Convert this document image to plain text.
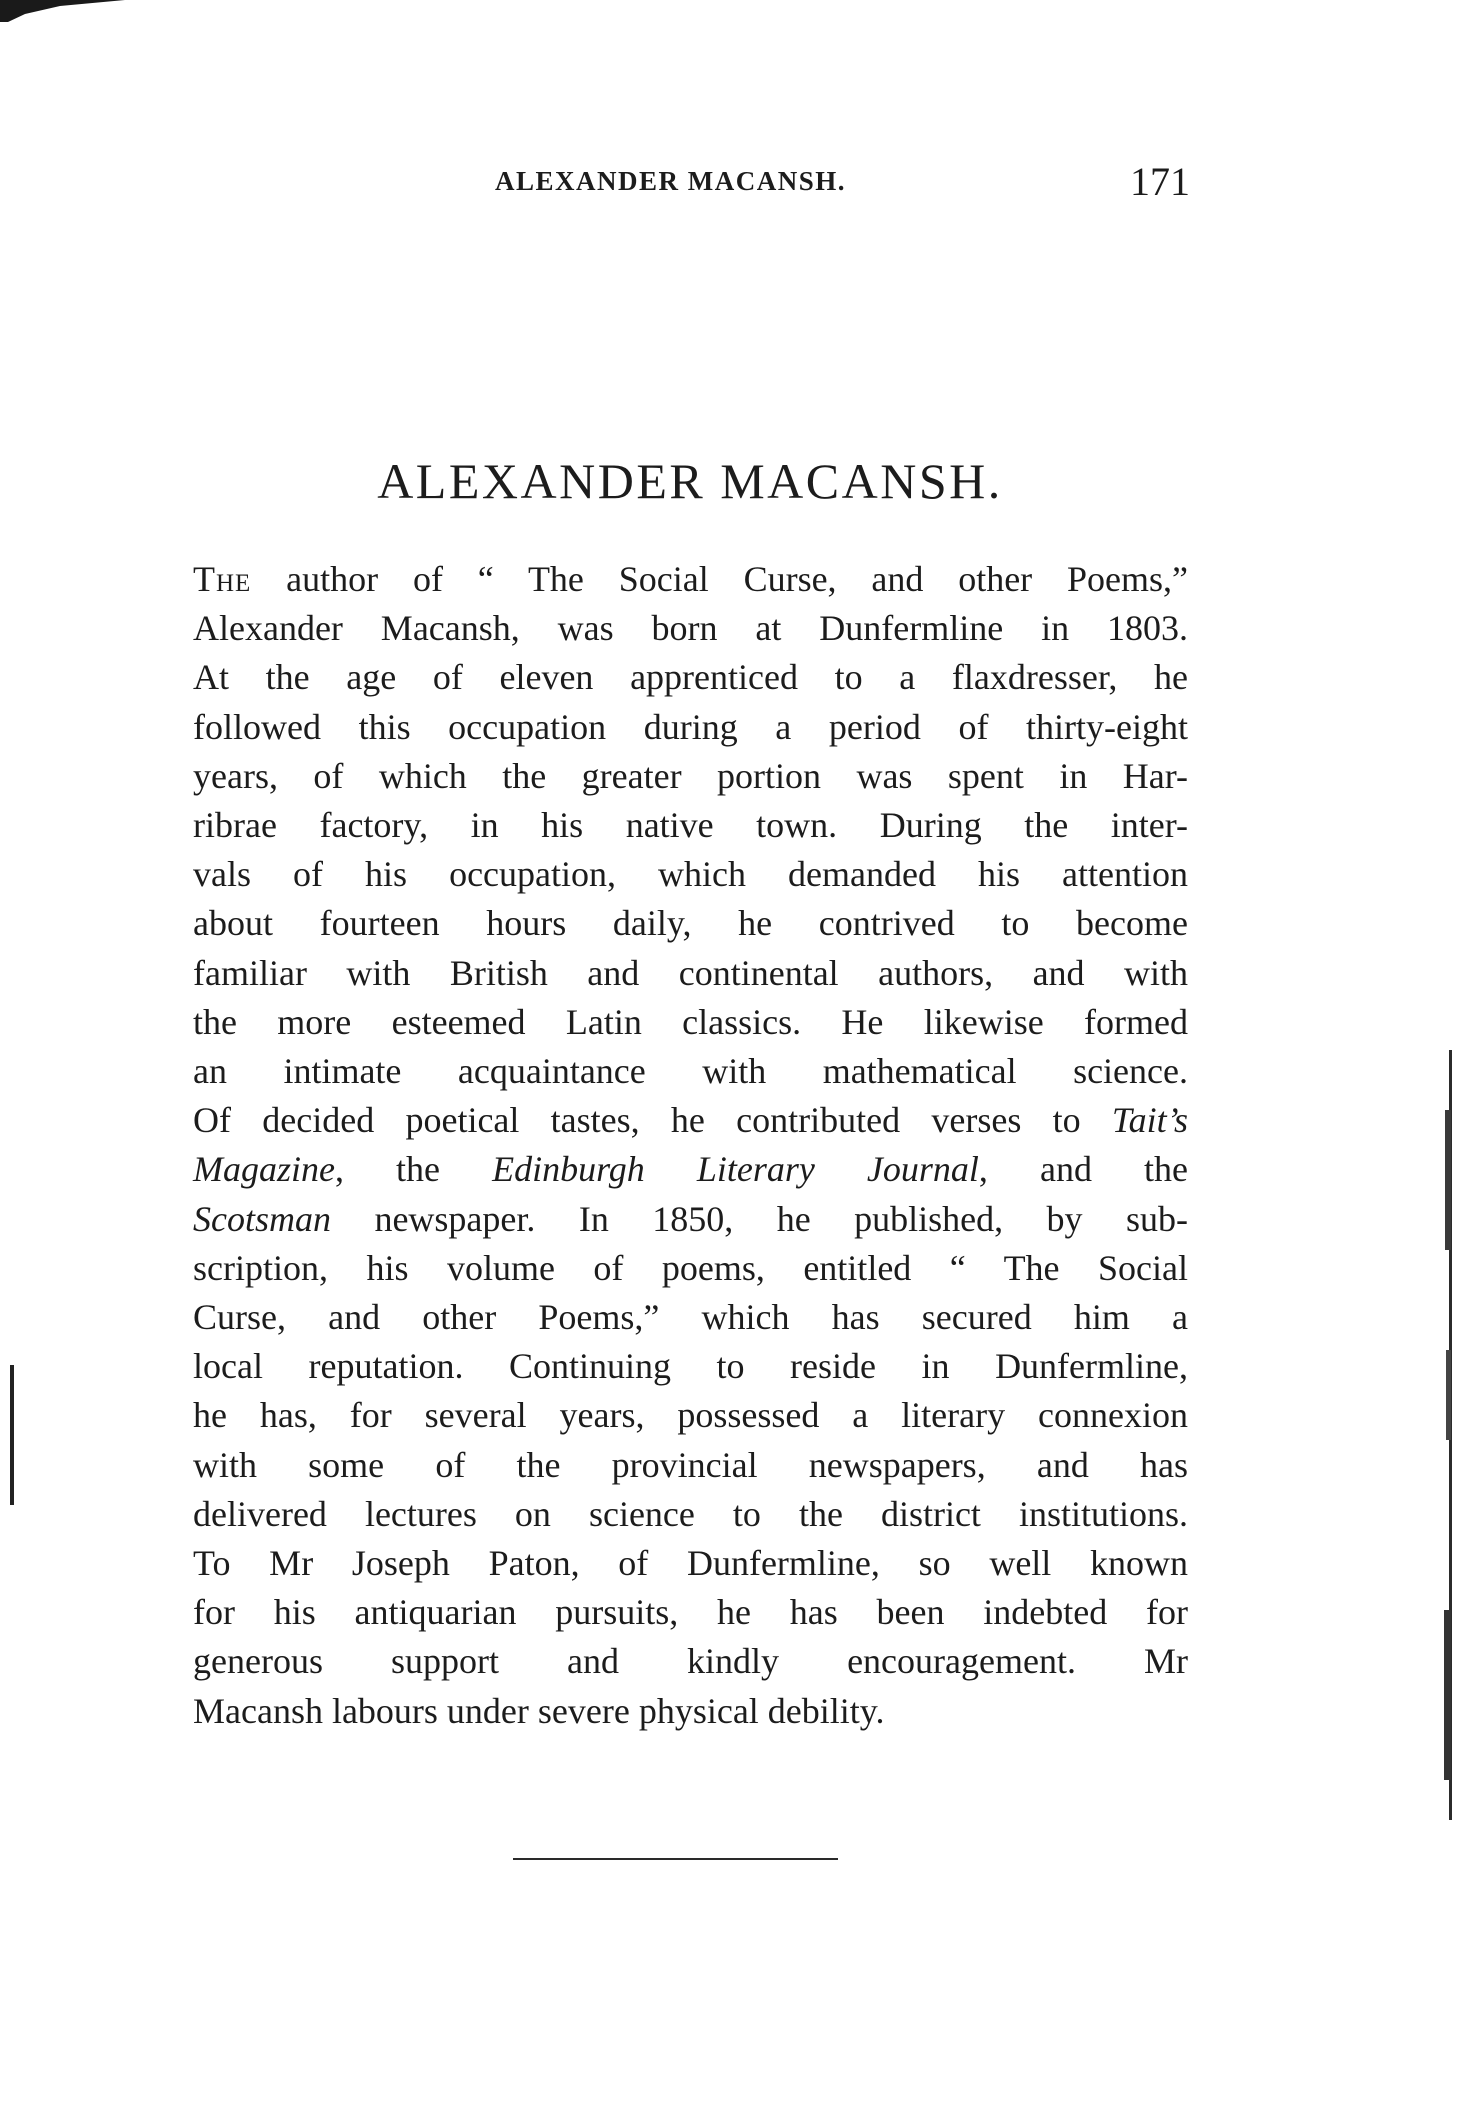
ALEXANDER MACANSH.	171
ALEXANDER MACANSH.
The author of “ The Social Curse, and other Poems,”
Alexander Macansh, was born at Dunfermline in 1803.
At the age of eleven apprenticed to a flaxdresser, he
followed this occupation during a period of thirty-eight
years, of which the greater portion was spent in Har-
ribrae factory, in his native town. During the inter-
vals of his occupation, which demanded his attention
about fourteen hours daily, he contrived to become
familiar with British and continental authors, and with
the more esteemed Latin classics. He likewise formed
an intimate acquaintance with mathematical science.
Of decided poetical tastes, he contributed verses to Tait’s
Magazine, the Edinburgh Literary Journal, and the
Scotsman newspaper. In 1850, he published, by sub-
scription, his volume of poems, entitled “ The Social
Curse, and other Poems,” which has secured him a
local reputation. Continuing to reside in Dunfermline,
he has, for several years, possessed a literary connexion
with some of the provincial newspapers, and has
delivered lectures on science to the district institutions.
To Mr Joseph Paton, of Dunfermline, so well known
for his antiquarian pursuits, he has been indebted for
generous support and kindly encouragement. Mr
Macansh labours under severe physical debility.
